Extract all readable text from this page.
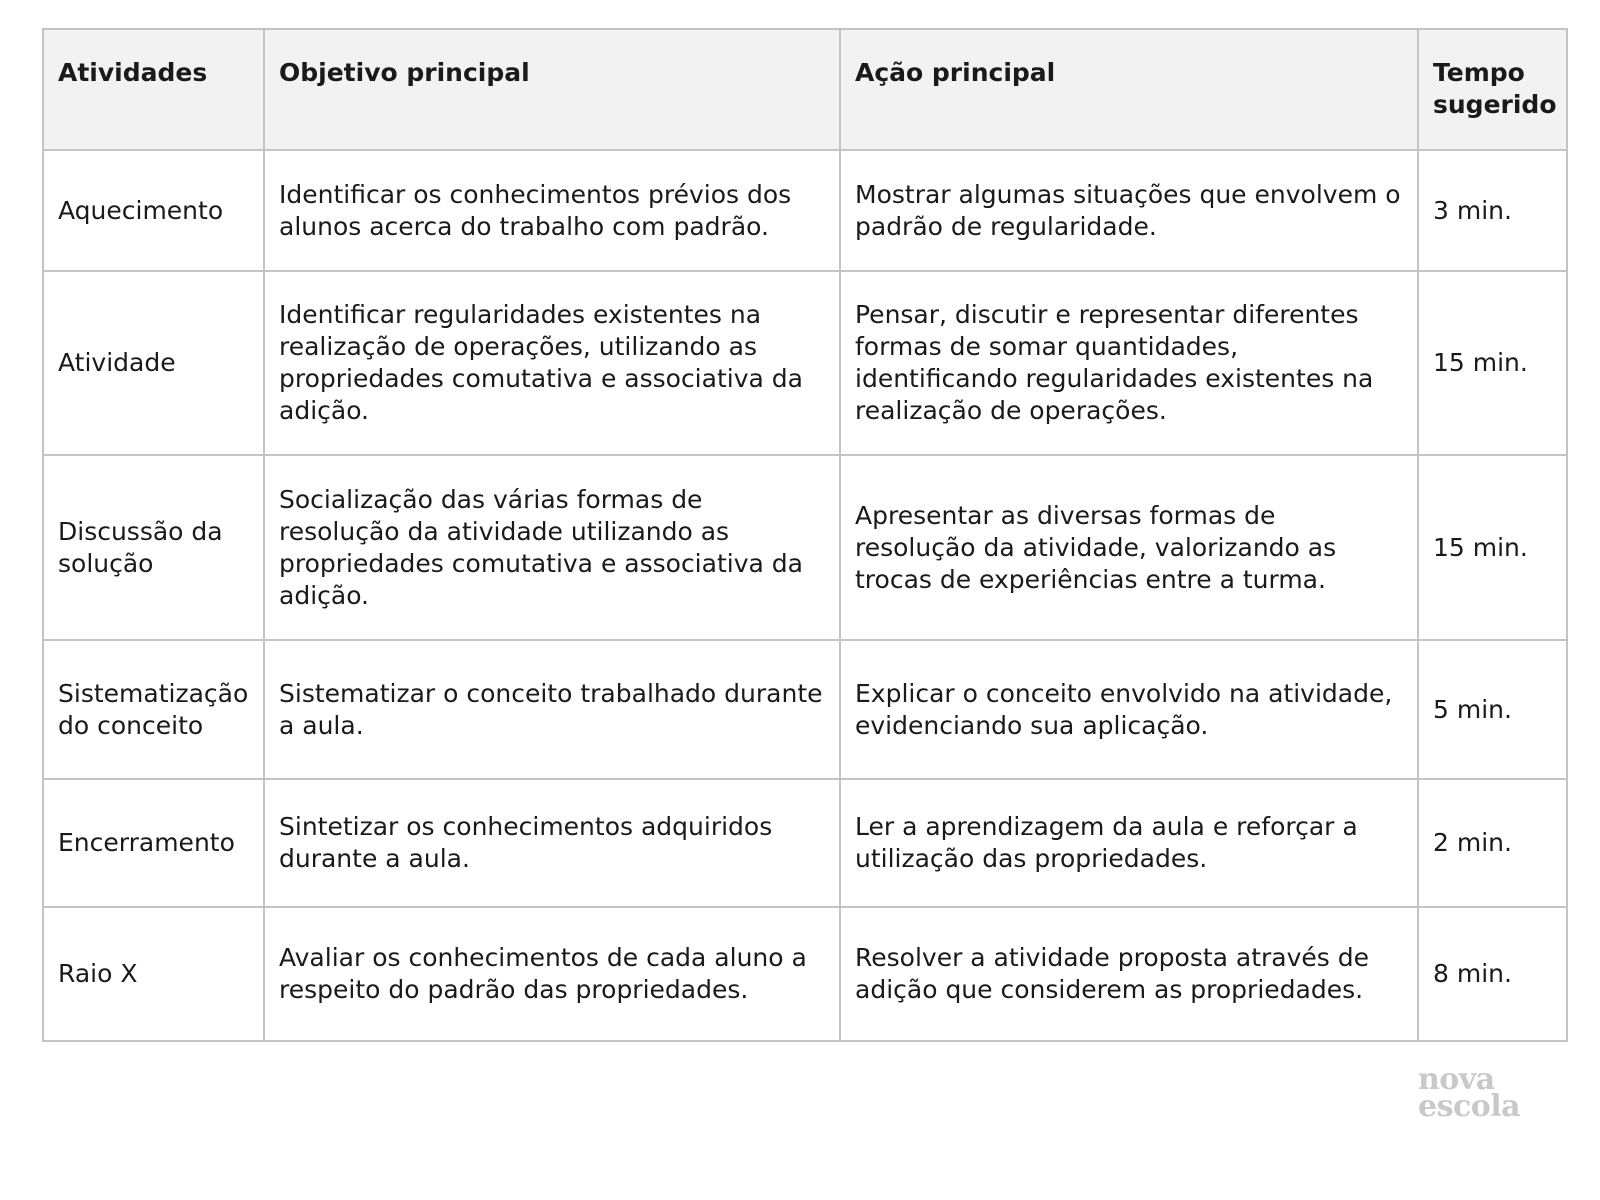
Atividades	Objetivo principal	Ação principal	Tempo sugerido
Aquecimento	Identificar os conhecimentos prévios dos alunos acerca do trabalho com padrão.	Mostrar algumas situações que envolvem o padrão de regularidade.	3 min.
Atividade	Identificar regularidades existentes na realização de operações, utilizando as propriedades comutativa e associativa da adição.	Pensar, discutir e representar diferentes formas de somar quantidades, identificando regularidades existentes na realização de operações.	15 min.
Discussão da solução	Socialização das várias formas de resolução da atividade utilizando as propriedades comutativa e associativa da adição.	Apresentar as diversas formas de resolução da atividade, valorizando as trocas de experiências entre a turma.	15 min.
Sistematização do conceito	Sistematizar o conceito trabalhado durante a aula.	Explicar o conceito envolvido na atividade, evidenciando sua aplicação.	5 min.
Encerramento	Sintetizar os conhecimentos adquiridos durante a aula.	Ler a aprendizagem da aula e reforçar a utilização das propriedades.	2 min.
Raio X	Avaliar os conhecimentos de cada aluno a respeito do padrão das propriedades.	Resolver a atividade proposta através de adição que considerem as propriedades.	8 min.
nova
escola
